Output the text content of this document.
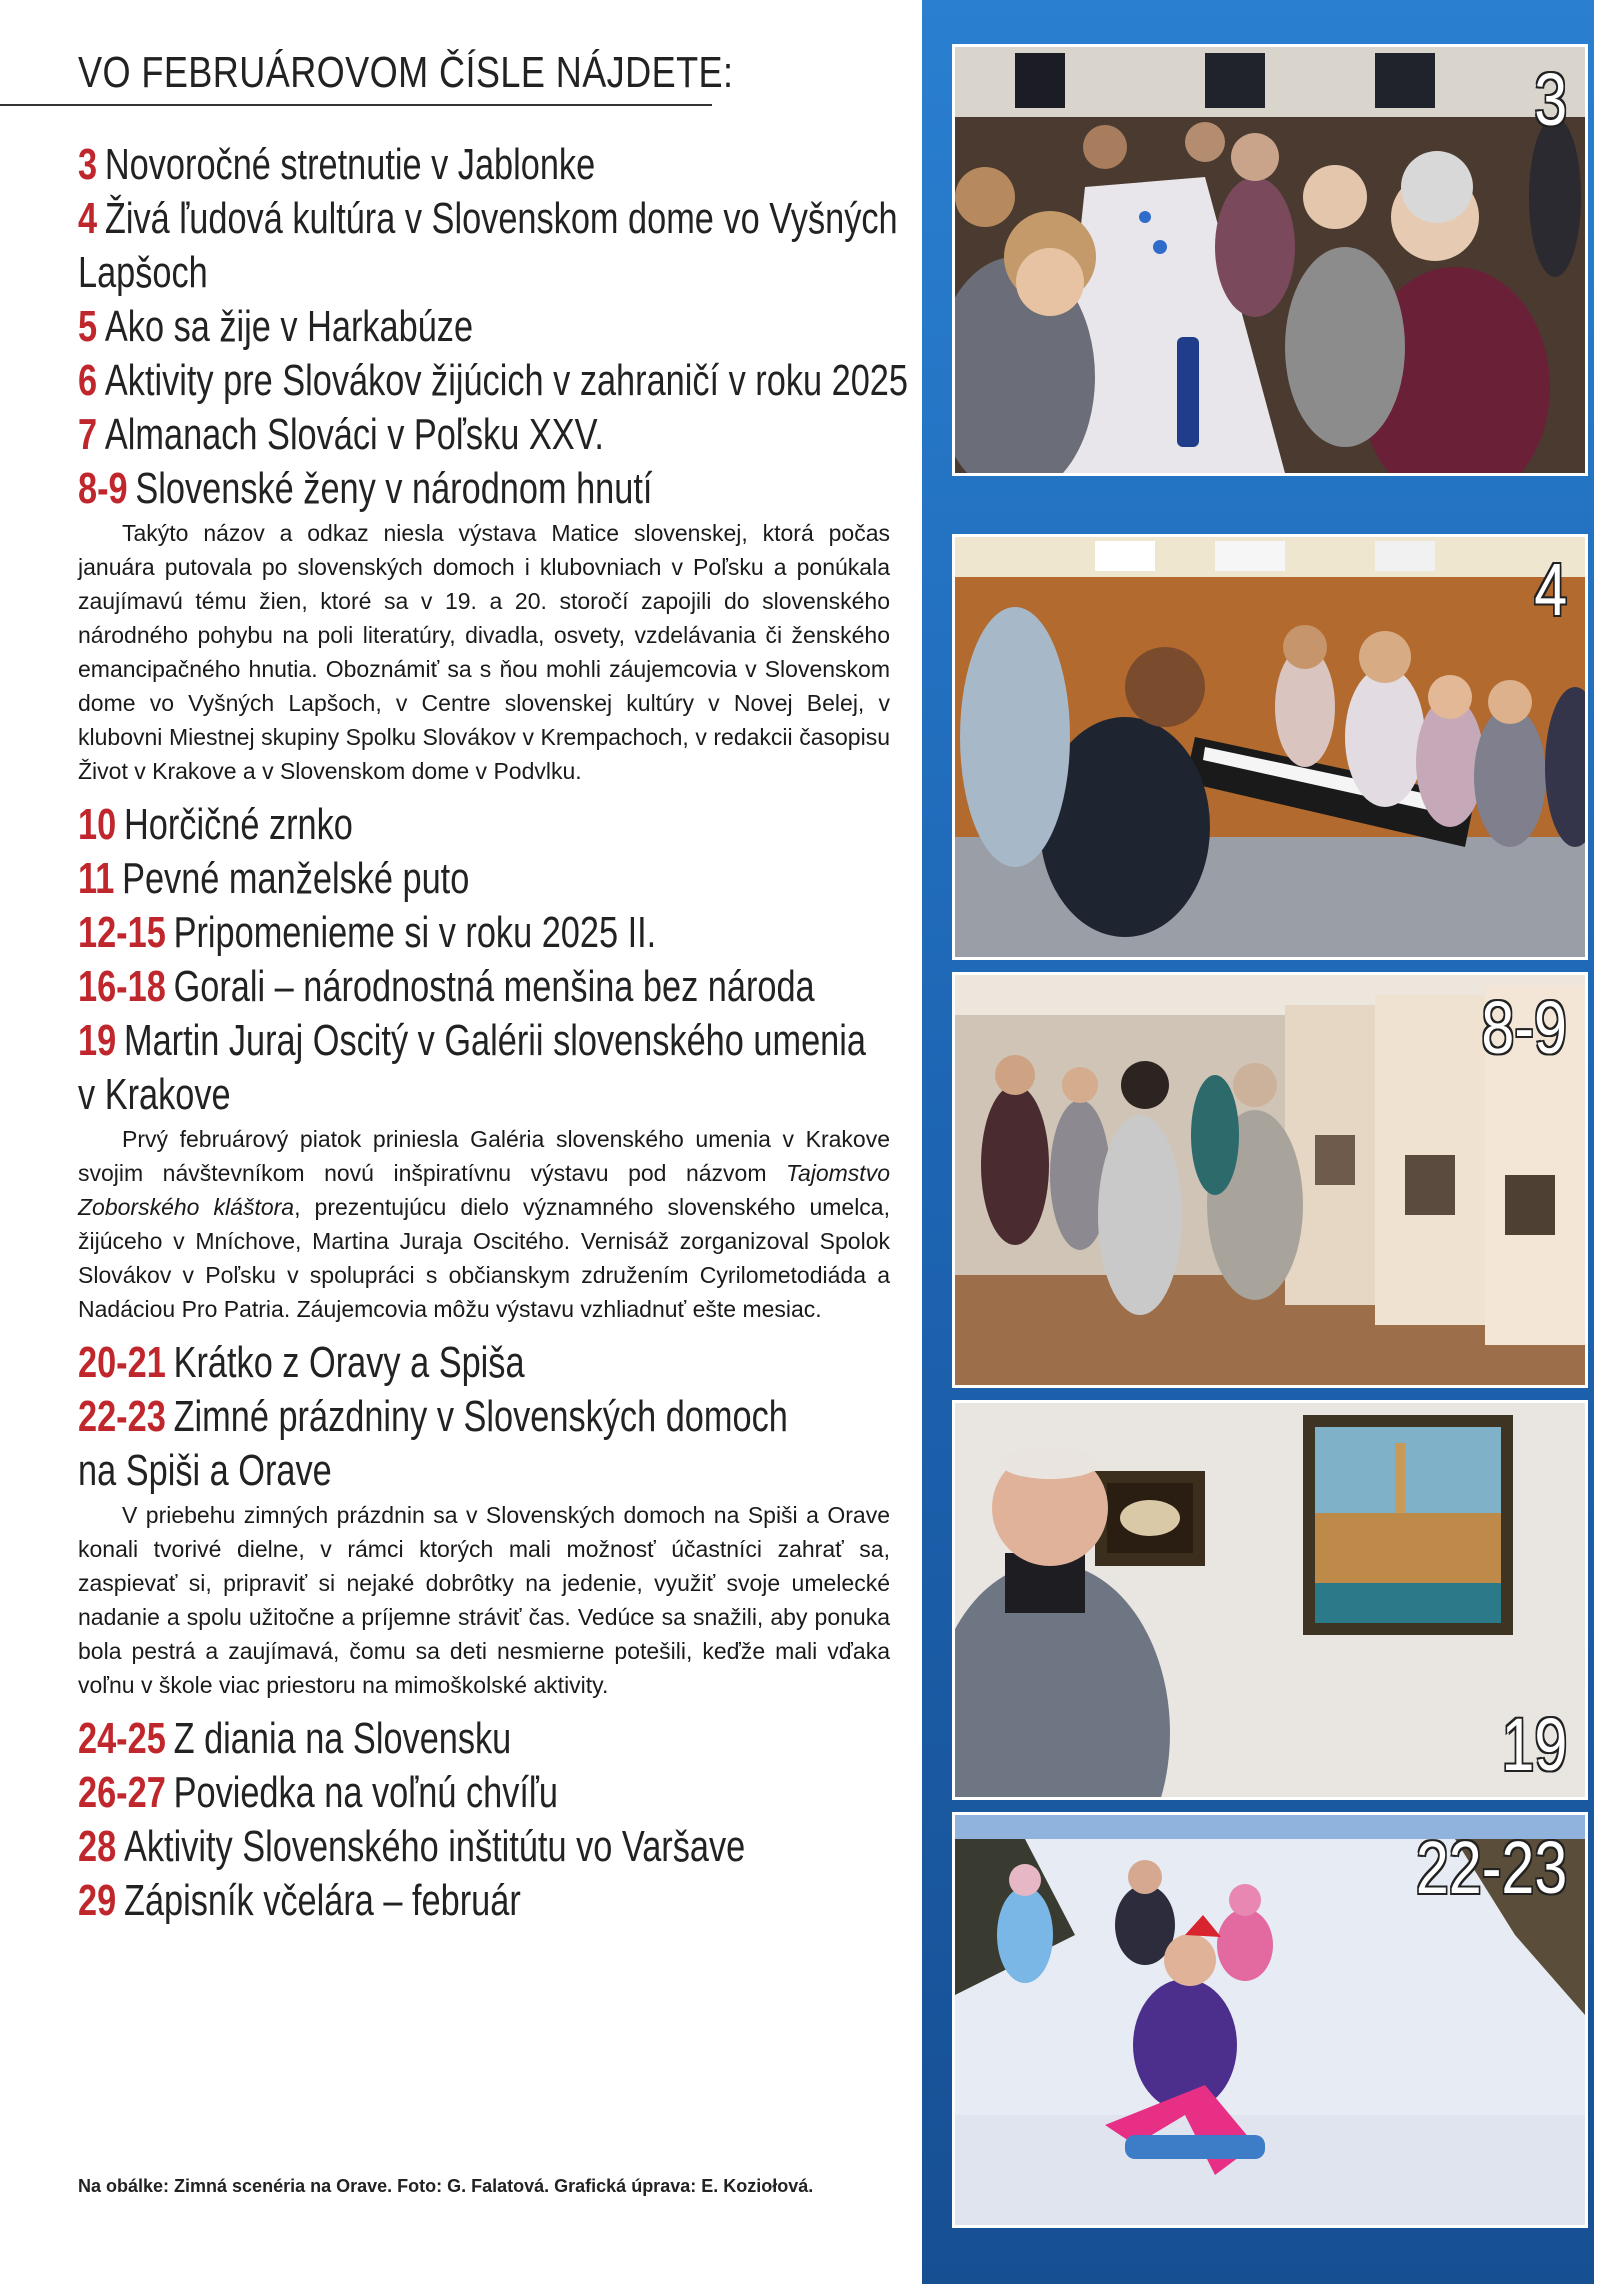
VO FEBRUÁROVOM ČÍSLE NÁJDETE:
3 Novoročné stretnutie v Jablonke
4 Živá ľudová kultúra v Slovenskom dome vo Vyšných
Lapšoch
5 Ako sa žije v Harkabúze
6 Aktivity pre Slovákov žijúcich v zahraničí v roku 2025
7 Almanach Slováci v Poľsku XXV.
8-9 Slovenské ženy v národnom hnutí

Takýto názov a odkaz niesla výstava Matice slovenskej, ktorá počas januára putovala po slovenských domoch i klubovniach v Poľsku a ponúkala zaujímavú tému žien, ktoré sa v 19. a 20. storočí zapojili do slovenského národného pohybu na poli literatúry, divadla, osvety, vzdelávania či ženského emancipačného hnutia. Oboznámiť sa s ňou mohli záujemcovia v Slovenskom dome vo Vyšných Lapšoch, v Centre slovenskej kultúry v Novej Belej, v klubovni Miestnej skupiny Spolku Slovákov v Krempachoch, v redakcii časopisu Život v Krakove a v Slovenskom dome v Podvlku.

10 Horčičné zrnko
11 Pevné manželské puto
12-15 Pripomenieme si v roku 2025 II.
16-18 Gorali – národnostná menšina bez národa
19 Martin Juraj Oscitý v Galérii slovenského umenia
v Krakove

Prvý februárový piatok priniesla Galéria slovenského umenia v Krakove svojim návštevníkom novú inšpiratívnu výstavu pod názvom Tajomstvo Zoborského kláštora, prezentujúcu dielo významného slovenského umelca, žijúceho v Mníchove, Martina Juraja Oscitého. Vernisáž zorganizoval Spolok Slovákov v Poľsku v spolupráci s občianskym združením Cyrilometodiáda a Nadáciou Pro Patria. Záujemcovia môžu výstavu vzhliadnuť ešte mesiac.

20-21 Krátko z Oravy a Spiša
22-23 Zimné prázdniny v Slovenských domoch
na Spiši a Orave

V priebehu zimných prázdnin sa v Slovenských domoch na Spiši a Orave konali tvorivé dielne, v rámci ktorých mali možnosť účastníci zahrať sa, zaspievať si, pripraviť si nejaké dobrôtky na jedenie, využiť svoje umelecké nadanie a spolu užitočne a príjemne stráviť čas. Vedúce sa snažili, aby ponuka bola pestrá a zaujímavá, čomu sa deti nesmierne potešili, keďže mali vďaka voľnu v škole viac priestoru na mimoškolské aktivity.

24-25 Z diania na Slovensku
26-27 Poviedka na voľnú chvíľu
28 Aktivity Slovenského inštitútu vo Varšave
29 Zápisník včelára – február
Na obálke: Zimná scenéria na Orave. Foto: G. Falatová. Grafická úprava: E. Koziołová.
3
4
8-9
19
22-23
